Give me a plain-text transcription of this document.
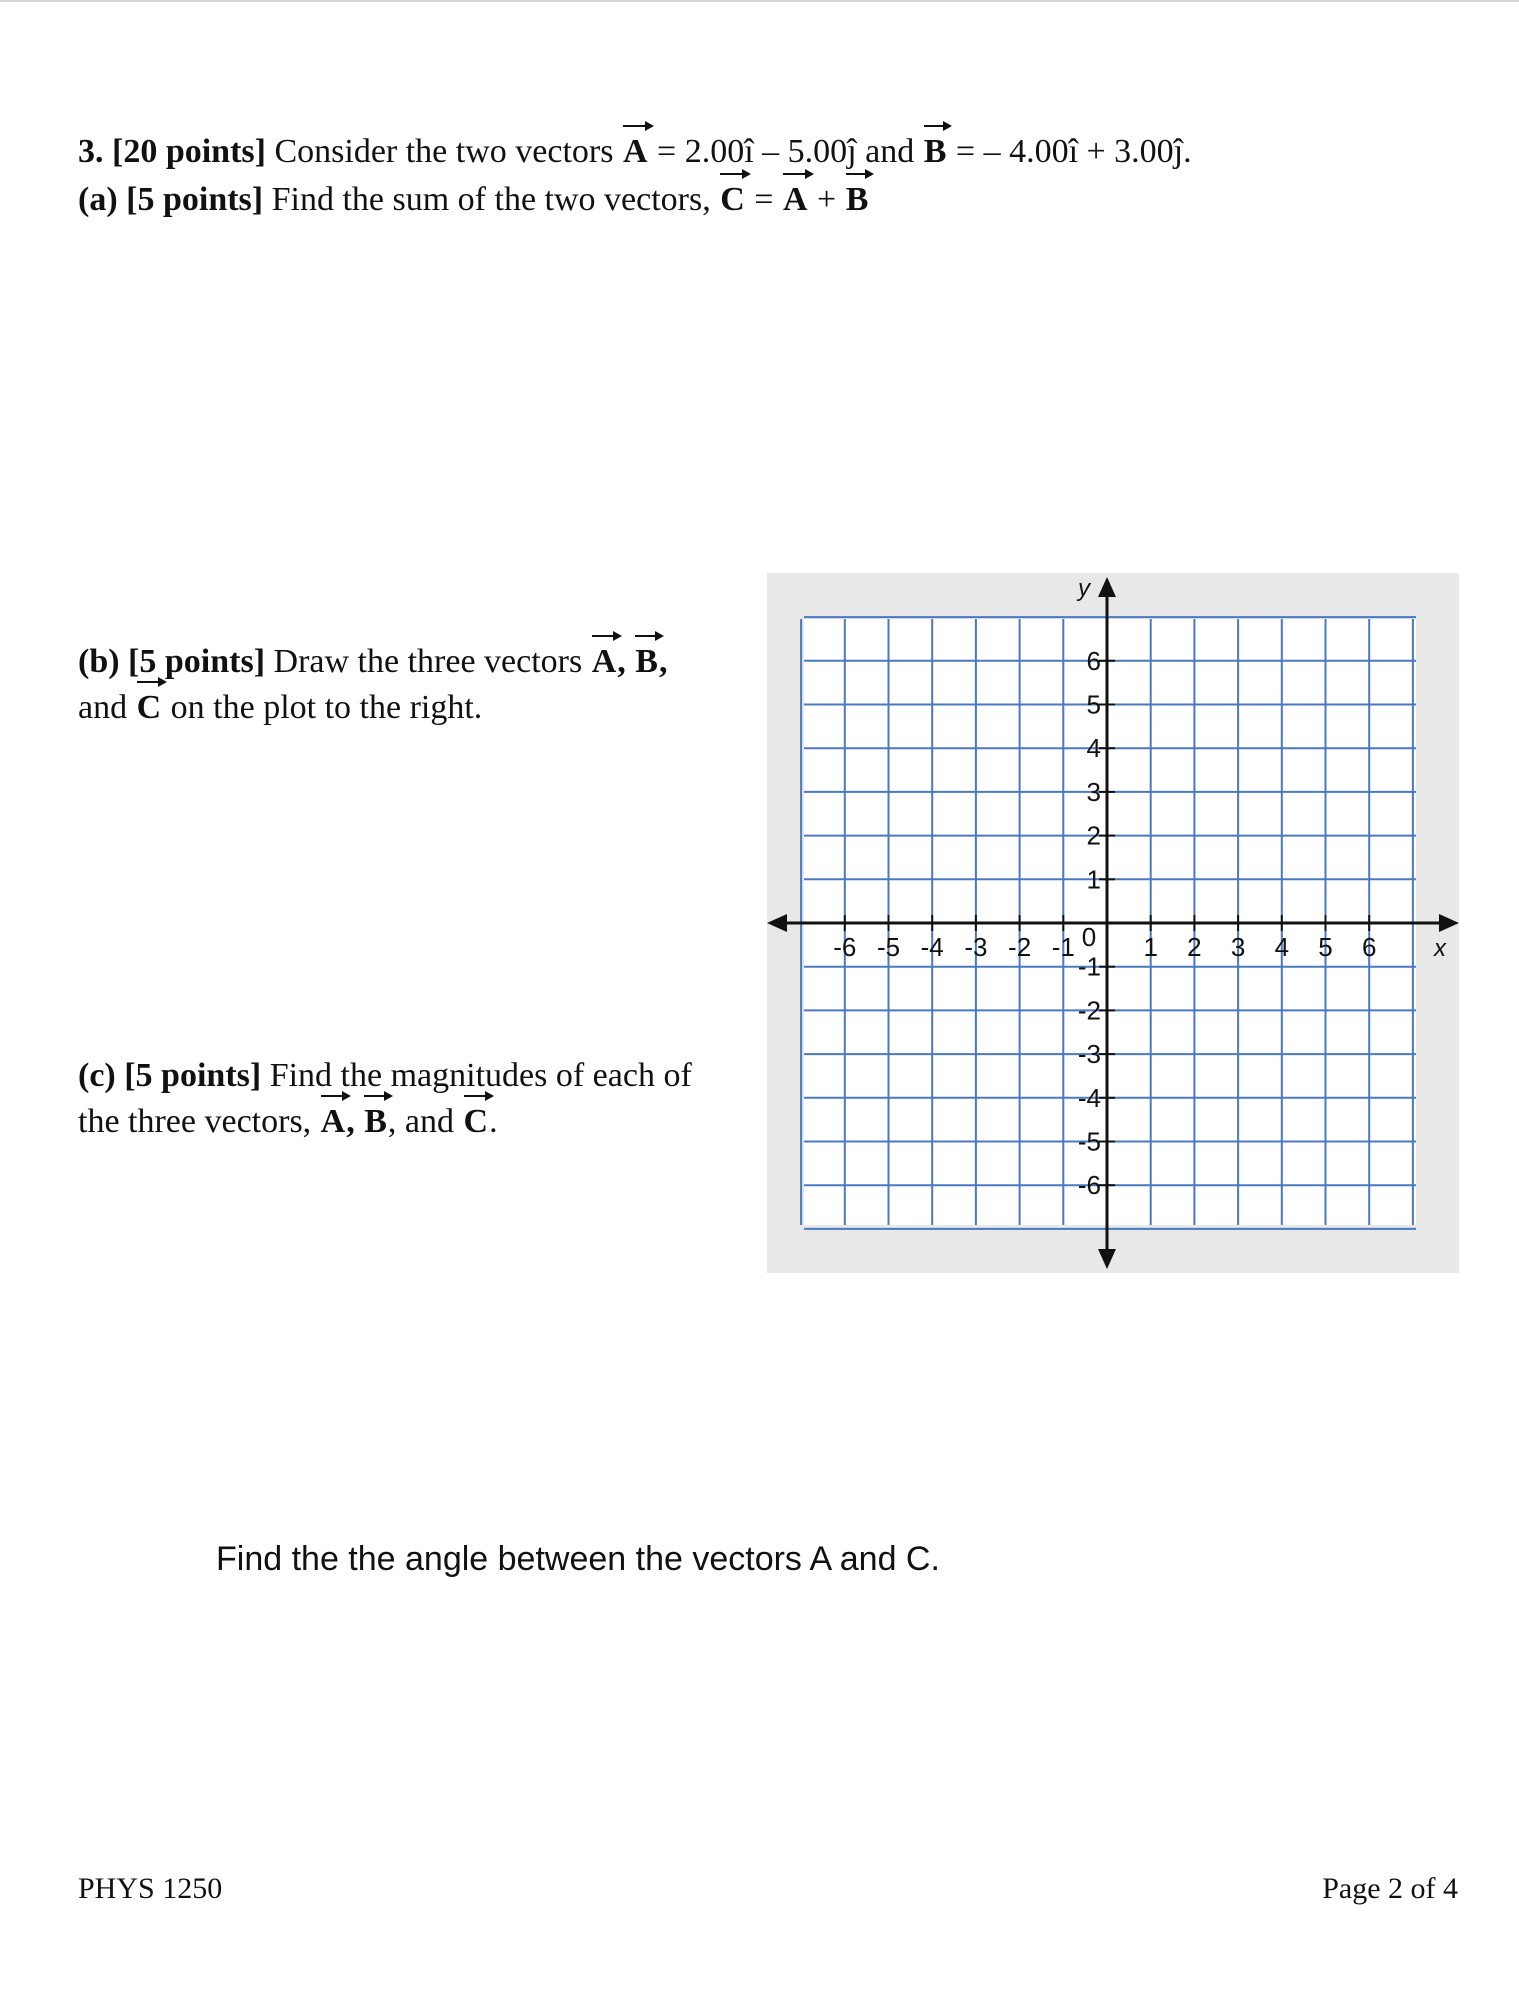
3. [20 points] Consider the two vectors A = 2.00î – 5.00ĵ and B = – 4.00î + 3.00ĵ.
(a) [5 points] Find the sum of the two vectors, C = A + B
(b) [5 points] Draw the three vectors A, B,
and C on the plot to the right.
(c) [5 points] Find the magnitudes of each of
the three vectors, A, B, and C.
-6 -5 -4 -3 -2 -1	1 2 3 4 5 6
6
5
4
3
2
1
-1
-2
-3
-4
-5
-6
0	x
y
Find the the angle between the vectors A and C.
PHYS 1250	Page 2 of 4
